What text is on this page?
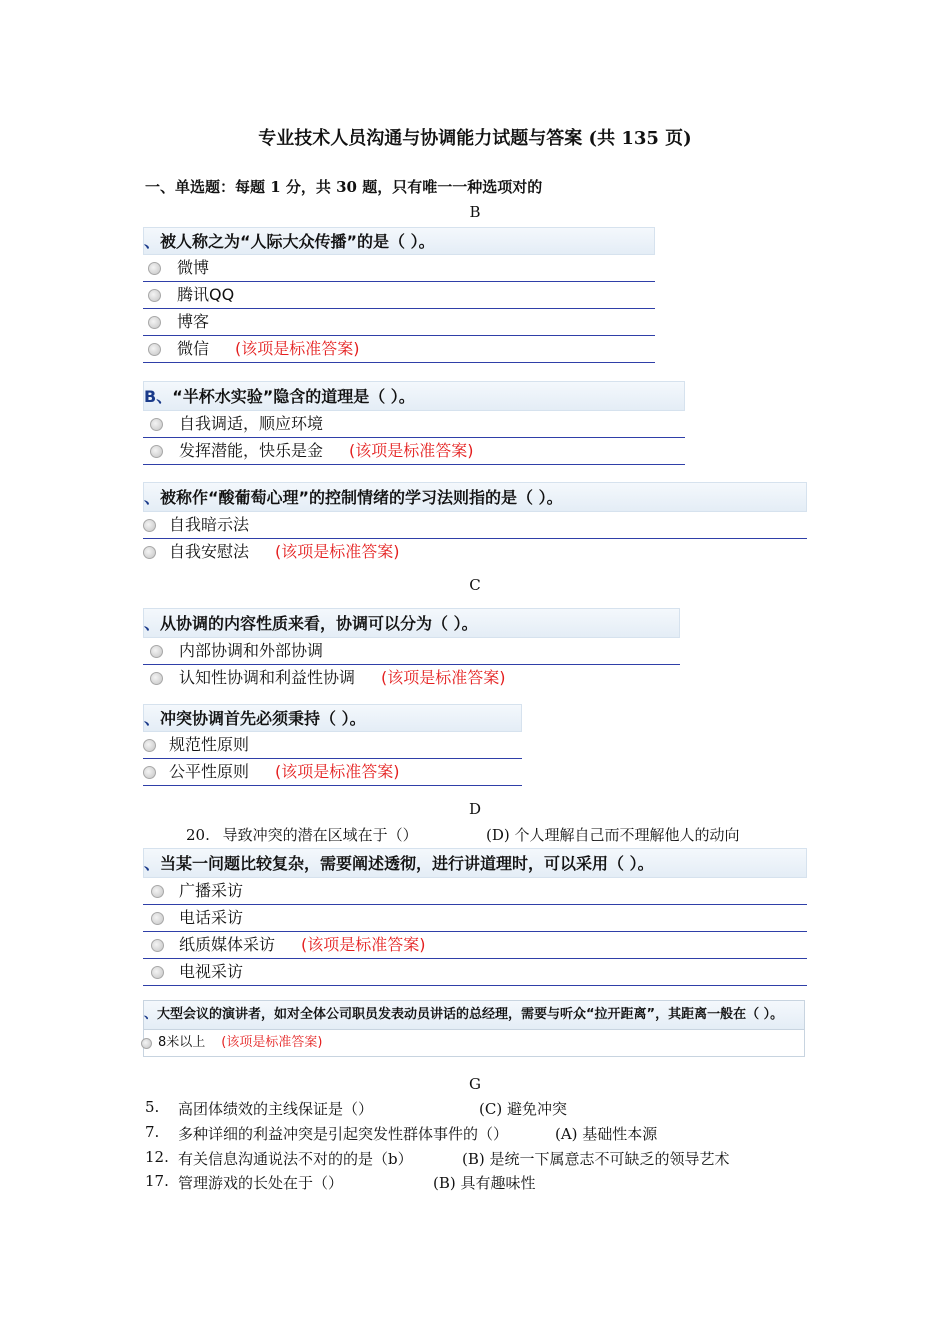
专业技术人员沟通与协调能力试题与答案 (共 135 页)
一、单选题：每题 1 分，共 30 题，只有唯一一种选项对的
B
、被人称之为“人际大众传播”的是（ ）。
微博
腾讯QQ
博客
微信 (该项是标准答案)
B、“半杯水实验”隐含的道理是（ ）。
自我调适，顺应环境
发挥潜能，快乐是金 (该项是标准答案)
、被称作“酸葡萄心理”的控制情绪的学习法则指的是（ ）。
自我暗示法
自我安慰法 (该项是标准答案)
C
、从协调的内容性质来看，协调可以分为（ ）。
内部协调和外部协调
认知性协调和利益性协调 (该项是标准答案)
、冲突协调首先必须秉持（ ）。
规范性原则
公平性原则 (该项是标准答案)
D
20. 导致冲突的潜在区域在于（）	(D) 个人理解自己而不理解他人的动向
、当某一问题比较复杂，需要阐述透彻，进行讲道理时，可以采用（ ）。
广播采访
电话采访
纸质媒体采访 (该项是标准答案)
电视采访
、大型会议的演讲者，如对全体公司职员发表动员讲话的总经理，需要与听众“拉开距离”，其距离一般在（ ）。
8米以上 (该项是标准答案)
G
5. 高团体绩效的主线保证是（）	(C) 避免冲突
7. 多种详细的利益冲突是引起突发性群体事件的（）	(A) 基础性本源
12. 有关信息沟通说法不对的的是（b）	(B) 是统一下属意志不可缺乏的领导艺术
17. 管理游戏的长处在于（）	(B) 具有趣味性
